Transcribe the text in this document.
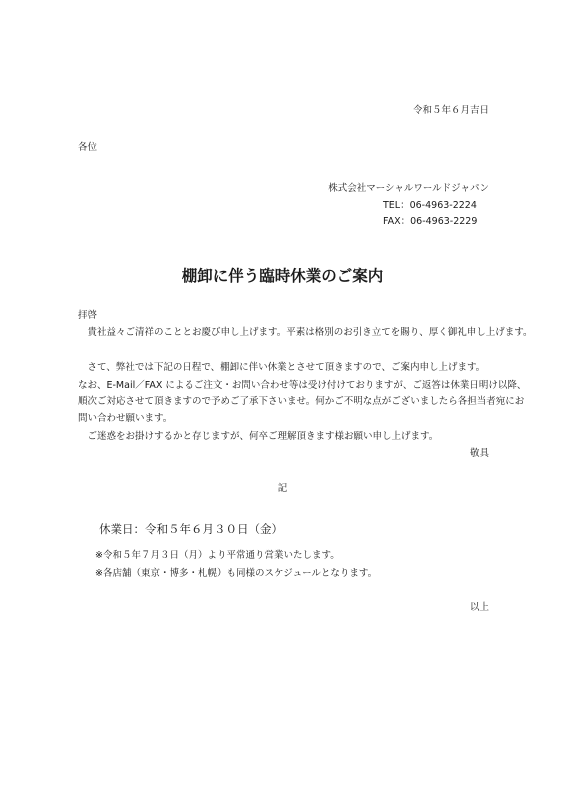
令和５年６月吉日
各位
株式会社マーシャルワールドジャパン
TEL：06-4963-2224
FAX：06-4963-2229
棚卸に伴う臨時休業のご案内
拝啓
　貴社益々ご清祥のこととお慶び申し上げます。平素は格別のお引き立てを賜り、厚く御礼申し上げます。
　さて、弊社では下記の日程で、棚卸に伴い休業とさせて頂きますので、ご案内申し上げます。
なお、E-Mail／FAX によるご注文・お問い合わせ等は受け付けておりますが、ご返答は休業日明け以降、
順次ご対応させて頂きますので予めご了承下さいませ。何かご不明な点がございましたら各担当者宛にお
問い合わせ願います。
　ご迷惑をお掛けするかと存じますが、何卒ご理解頂きます様お願い申し上げます。
敬具
記
休業日：令和５年６月３０日（金）
※令和５年７月３日（月）より平常通り営業いたします。
※各店舗（東京・博多・札幌）も同様のスケジュールとなります。
以上
